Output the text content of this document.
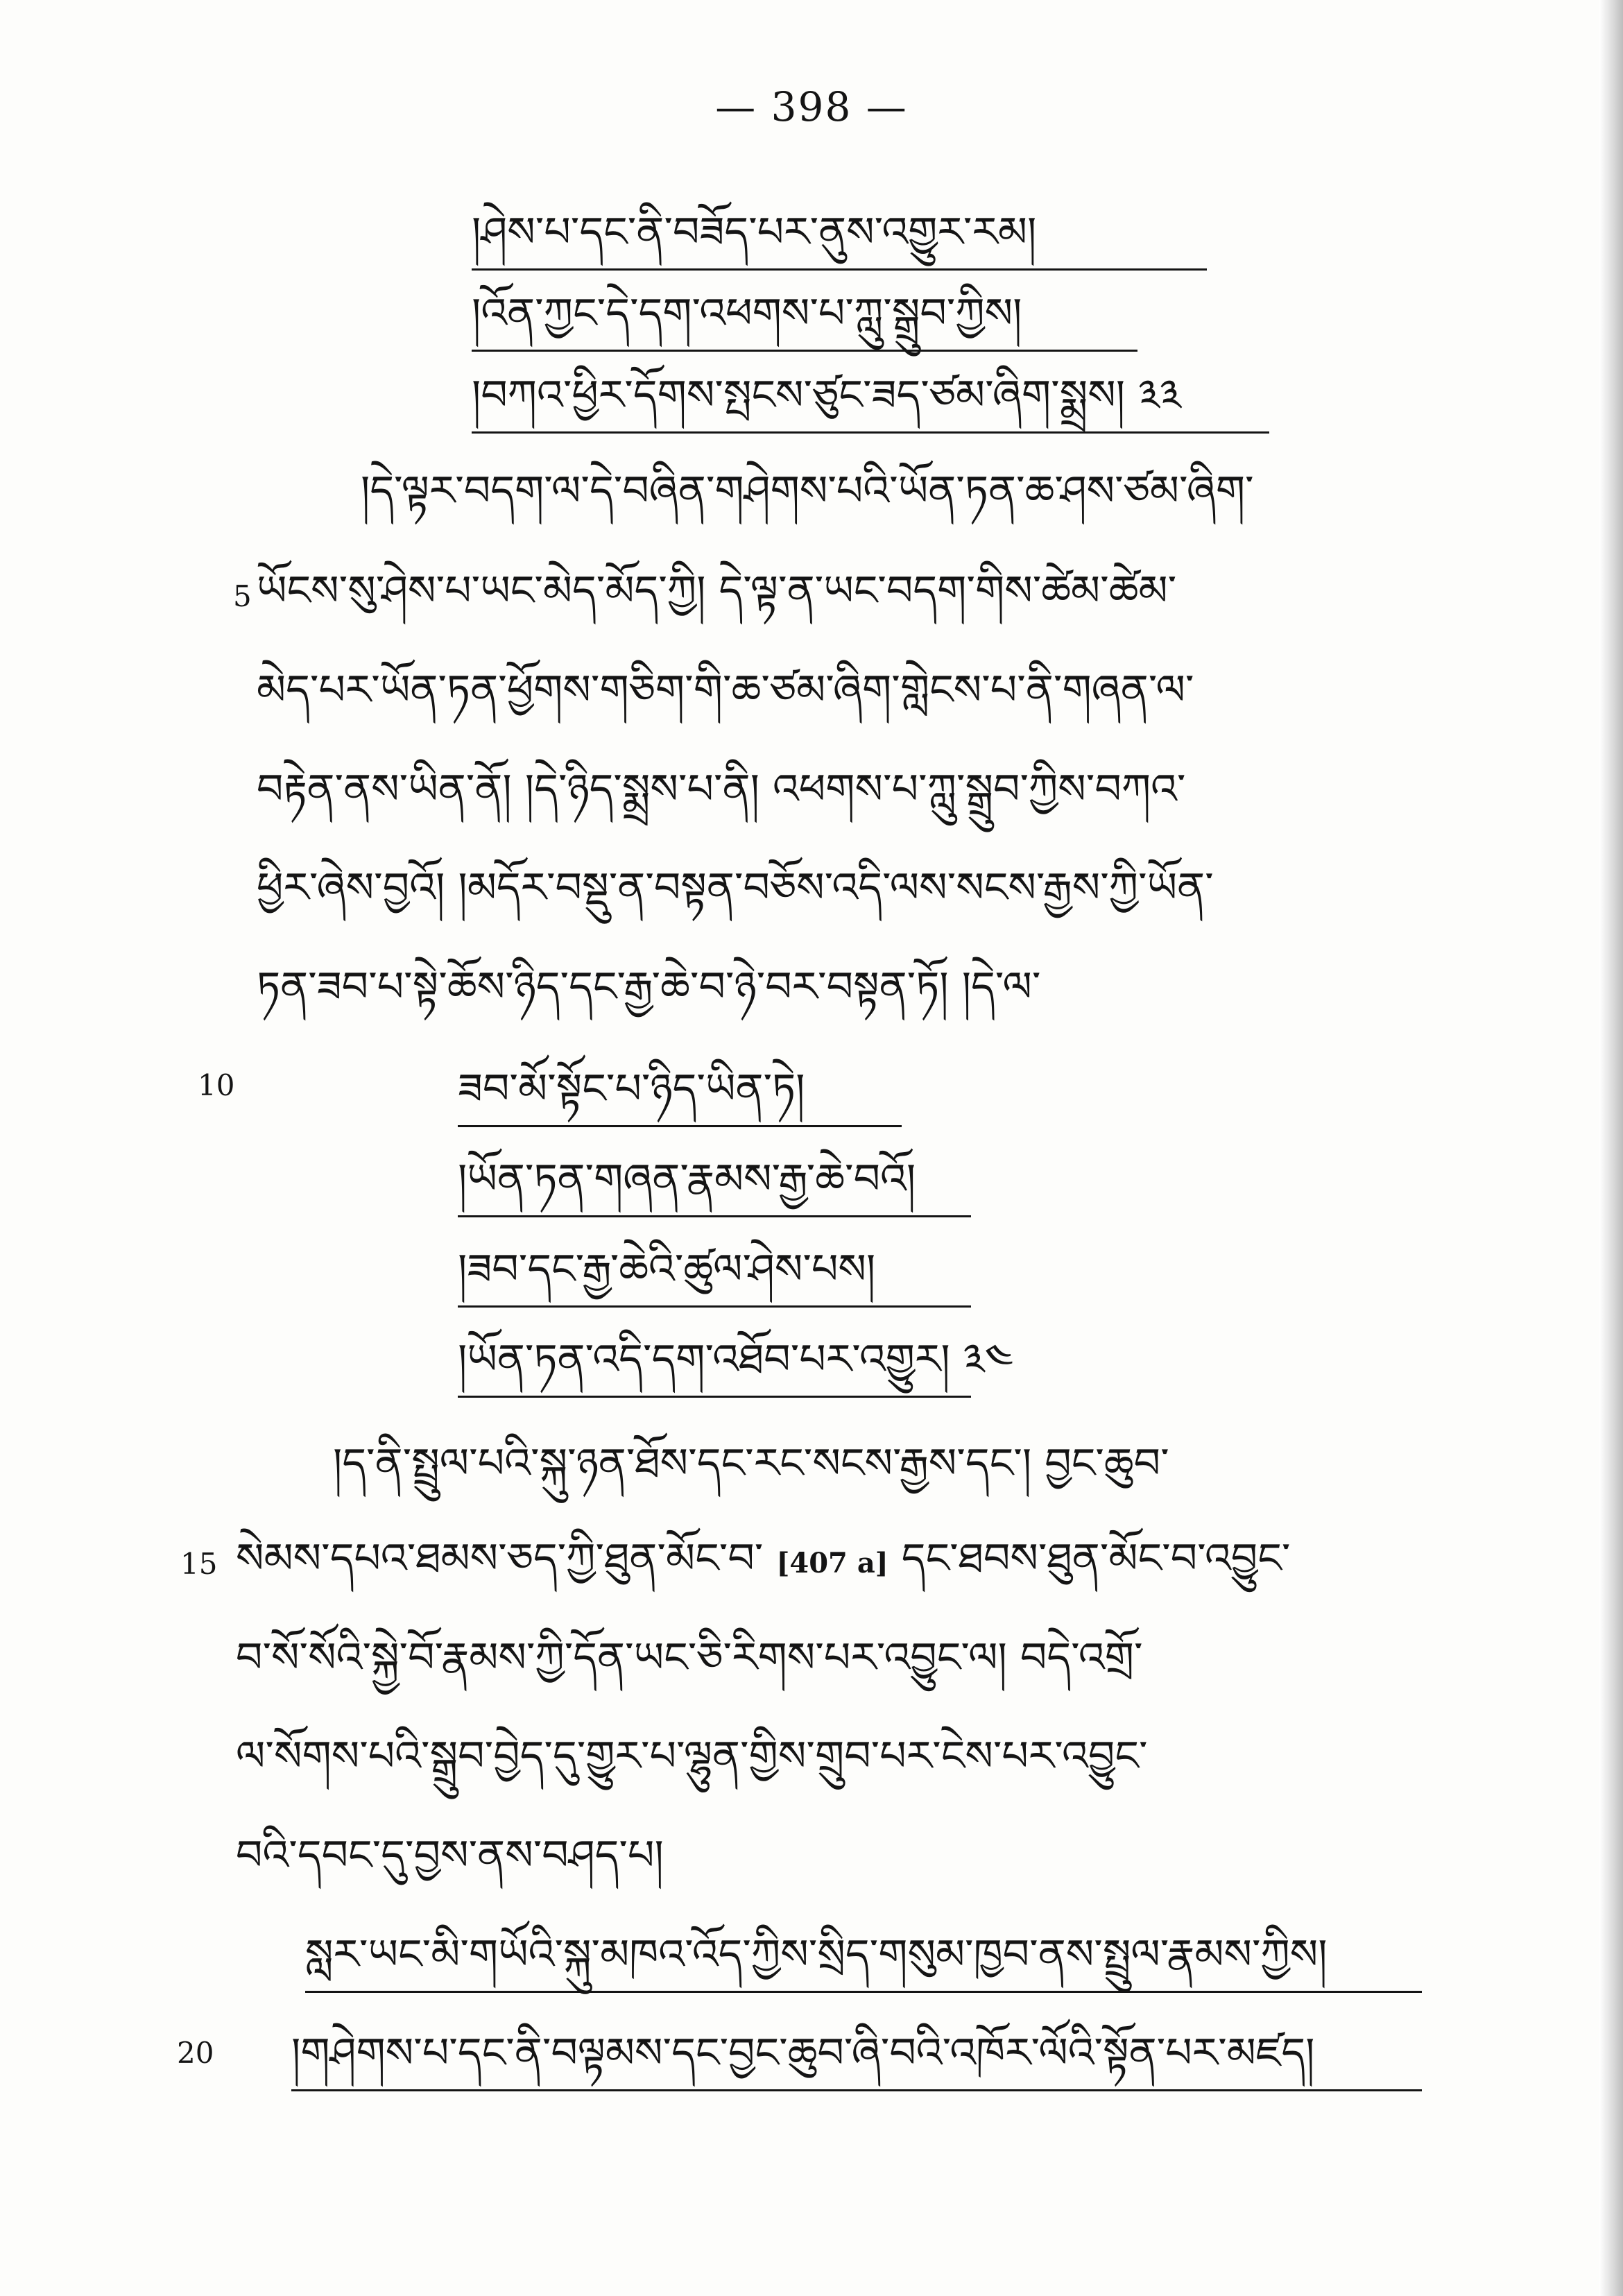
— 398 —
།ཤེས་པ་དང་ནི་བཟོད་པར་ནུས་འགྱུར་རམ།
།འོན་ཀྱང་དེ་དག་འཕགས་པ་ཀླུ་སྒྲུབ་ཀྱིས།
།བཀའ་ཕྱིར་དོགས་སྤངས་ཙུང་ཟད་ཙམ་ཞིག་སྨྲས། ༣༣
།དེ་ལྟར་བདག་ལ་དེ་བཞིན་གཤེགས་པའི་ཡོན་ཏན་ཆ་ཤས་ཙམ་ཞིག་
5 ཡོངས་སུ་ཤེས་པ་ཡང་མེད་མོད་ཀྱི། དེ་ལྟ་ན་ཡང་བདག་གིས་ཚེམ་ཚེམ་
མེད་པར་ཡོན་ཏན་ཕྱོགས་གཅིག་གི་ཆ་ཙམ་ཞིག་གླེངས་པ་ནི་གཞན་ལ་
བརྟེན་ནས་ཡིན་ནོ། །དེ་ཉིད་སྨྲས་པ་ནི། འཕགས་པ་ཀླུ་སྒྲུབ་ཀྱིས་བཀའ་
ཕྱིར་ཞེས་བྱའོ། །མདོར་བསྡུ་ན་བསྟན་བཅོས་འདི་ལས་སངས་རྒྱས་ཀྱི་ཡོན་
ཏན་ཟབ་པ་སྟེ་ཆོས་ཉིད་དང་རྒྱ་ཆེ་བ་ཉེ་བར་བསྟན་ཏོ། །དེ་ལ་
10	ཟབ་མོ་སྟོང་པ་ཉིད་ཡིན་ཏེ།
།ཡོན་ཏན་གཞན་རྣམས་རྒྱ་ཆེ་བའོ།
།ཟབ་དང་རྒྱ་ཆེའི་ཚུལ་ཤེས་པས།
།ཡོན་ཏན་འདི་དག་འཐོབ་པར་འགྱུར། ༣༤
།ད་ནི་སྤྲུལ་པའི་སྐུ་ཉན་ཐོས་དང་རང་སངས་རྒྱས་དང་། བྱང་ཆུབ་
15 སེམས་དཔའ་ཐམས་ཅད་ཀྱི་ཐུན་མོང་བ་ [407 a] དང་ཐབས་ཐུན་མོང་བ་འབྱུང་
བ་སོ་སོའི་སྐྱེ་བོ་རྣམས་ཀྱི་དོན་ཡང་ཅི་རིགས་པར་འབྱུང་ལ། བདེ་འགྲོ་
ལ་སོགས་པའི་སྒྲུབ་བྱེད་དུ་གྱུར་པ་ལྷུན་གྱིས་གྲུབ་པར་ངེས་པར་འབྱུང་
བའི་དབང་དུ་བྱས་ནས་བཤད་པ།
སླར་ཡང་མི་གཡོའི་སྐུ་མཁའ་འོད་ཀྱིས་སྲིད་གསུམ་ཁྱབ་ནས་སྤྲུལ་རྣམས་ཀྱིས།
20 །གཤེགས་པ་དང་ནི་བལྟམས་དང་བྱང་ཆུབ་ཞི་བའི་འཁོར་ལོའི་སྟོན་པར་མཛད།
